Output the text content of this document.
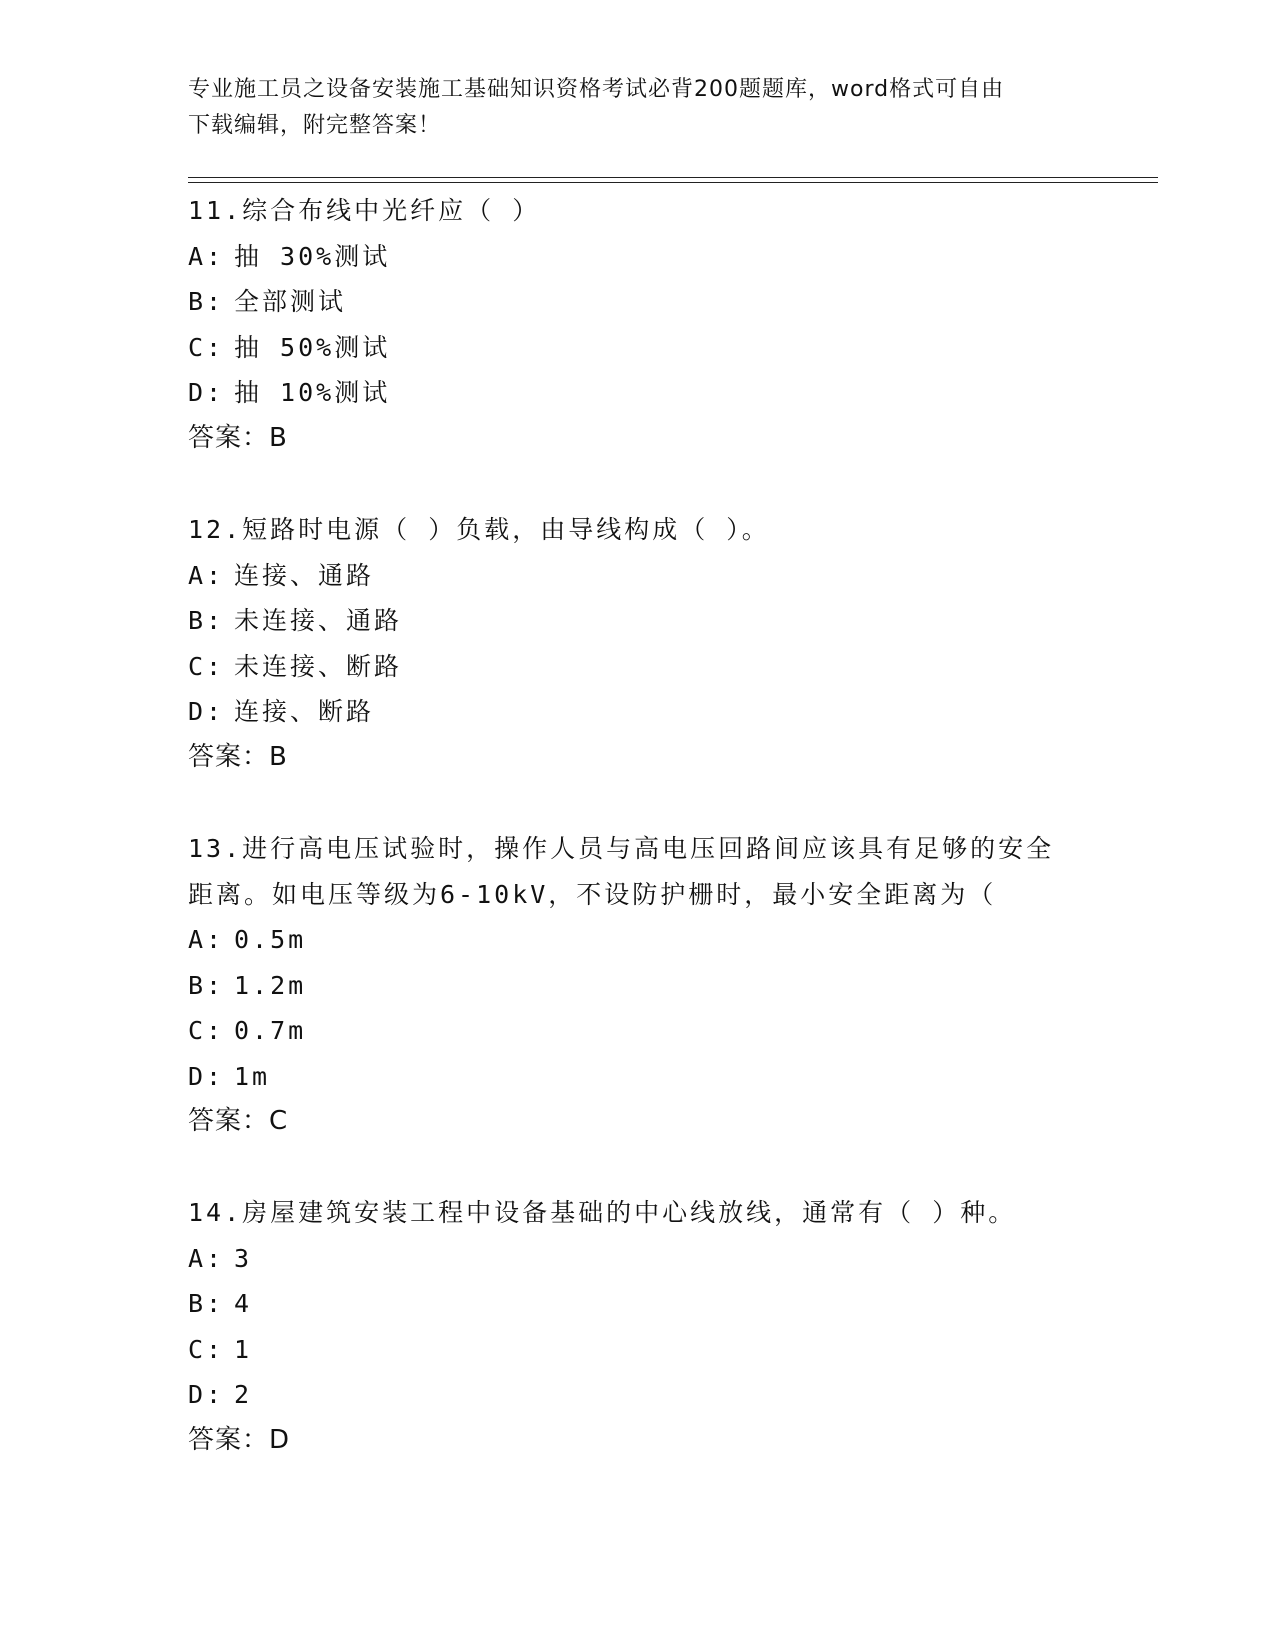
专业施工员之设备安装施工基础知识资格考试必背200题题库，word格式可自由
下载编辑，附完整答案！
11.综合布线中光纤应（ ）
A: 抽 30%测试
B: 全部测试
C: 抽 50%测试
D: 抽 10%测试
答案：B
12.短路时电源（ ）负载，由导线构成（ ）。
A: 连接、通路
B: 未连接、通路
C: 未连接、断路
D: 连接、断路
答案：B
13.进行高电压试验时，操作人员与高电压回路间应该具有足够的安全
距离。如电压等级为6-10kV，不设防护栅时，最小安全距离为（
A: 0.5m
B: 1.2m
C: 0.7m
D: 1m
答案：C
14.房屋建筑安装工程中设备基础的中心线放线，通常有（ ）种。
A: 3
B: 4
C: 1
D: 2
答案：D
